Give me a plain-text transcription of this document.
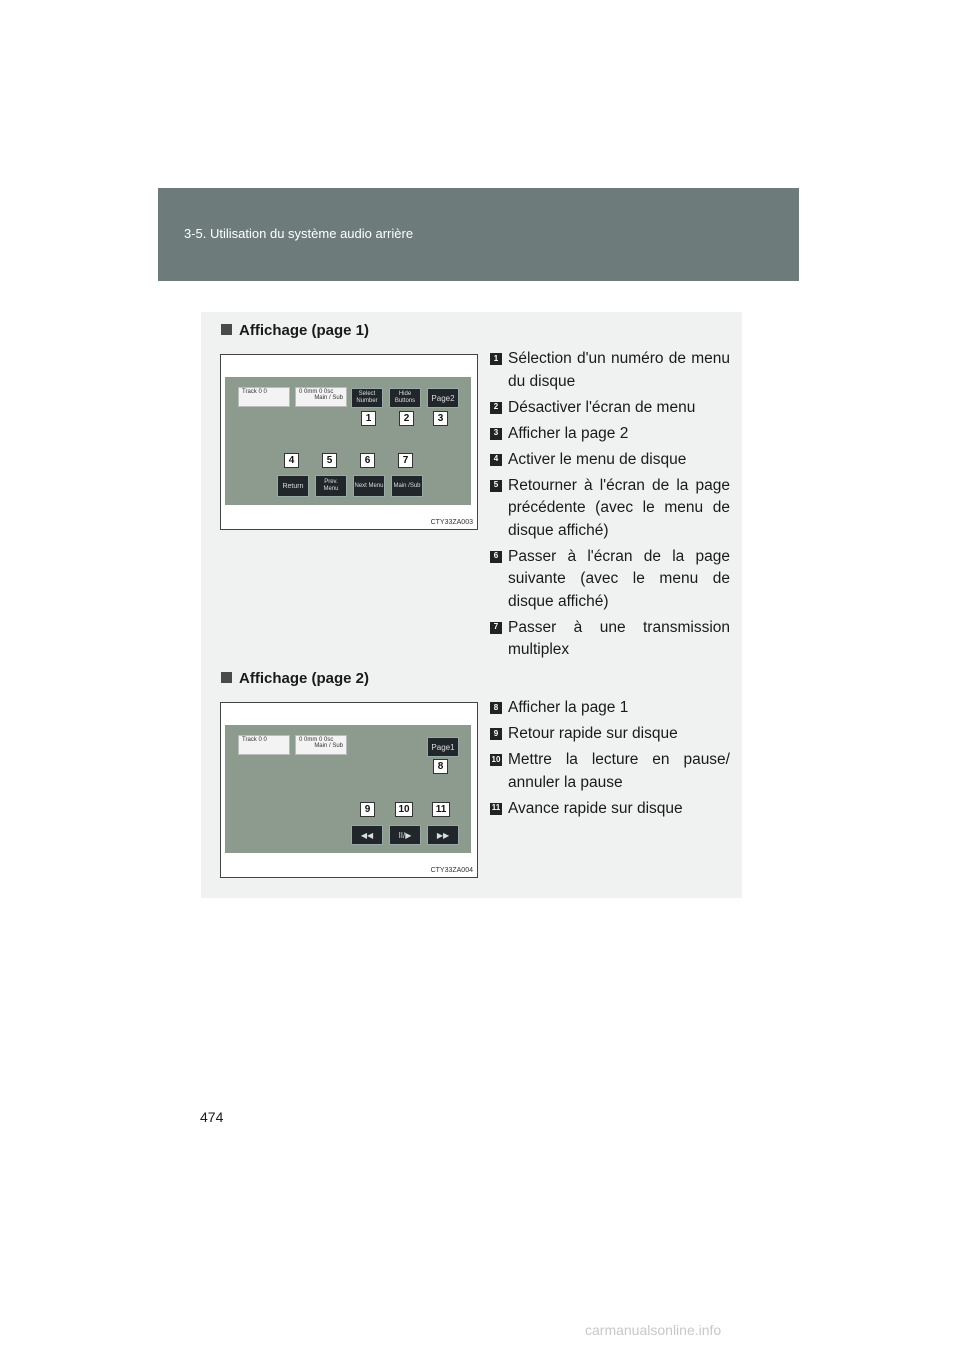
3-5. Utilisation du système audio arrière
Affichage (page 1)
Track 0 0	0 0mm 0 0sc
Main / Sub
Select Number
Hide Buttons	Page2
Return
Prev. Menu
Next Menu	Main /Sub
1	2	3
4	5	6	7
CTY33ZA003
1 Sélection d'un numéro de menu du disque
2 Désactiver l'écran de menu
3 Afficher la page 2
4 Activer le menu de disque
5 Retourner à l'écran de la page précédente (avec le menu de disque affiché)
6 Passer à l'écran de la page suivante (avec le menu de disque affiché)
7 Passer à une transmission multiplex
Affichage (page 2)
Track 0 0	0 0mm 0 0sc
Main / Sub	Page1
◀◀	II/▶	▶▶
8
9	10	11
CTY33ZA004
8 Afficher la page 1
9 Retour rapide sur disque
10 Mettre la lecture en pause/ annuler la pause
11 Avance rapide sur disque
474
carmanualsonline.info
